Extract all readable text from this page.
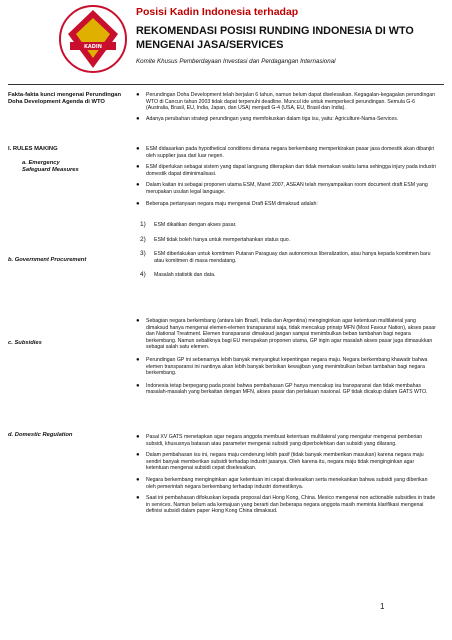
KADIN
Posisi Kadin Indonesia terhadap
REKOMENDASI POSISI RUNDING INDONESIA DI WTO MENGENAI JASA/SERVICES
Komite Khusus Pemberdayaan Investasi dan Perdagangan Internasional
Fakta-fakta kunci mengenai Perundingan Doha Development Agenda di WTO
I. RULES MAKING
a. Emergency Safeguard Measures
b. Government Procurement
c. Subsidies
d. Domestic Regulation

● Perundingan Doha Development telah berjalan 6 tahun, namun belum dapat diselesaikan. Kegagalan-kegagalan perundingan WTO di Cancun tahun 2003 tidak dapat terpenuhi deadline. Muncul ide untuk memperkecil perundingan. Semula G-6 (Australia, Brasil, EU, India, Japan, dan USA) menjadi G-4 (USA, EU, Brasil dan India).

● Adanya perubahan strategi perundingan yang memfokuskan dalam tiga isu, yaitu: Agriculture-Nama-Services.

● ESM didasarkan pada hypothetical conditions dimana negara berkembang memperkirakan pasar jasa domestik akan dibanjiri oleh supplier jasa dari luar negeri.

● ESM diperlukan sebagai sistem yang dapat langsung diterapkan dan tidak memakan waktu lama sehingga injury pada industri domestik dapat diminimalisasi.

● Dalam kaitan ini sebagai proponen utama ESM, Maret 2007, ASEAN telah menyampaikan room document draft ESM yang merupakan usulan legal language.

● Beberapa pertanyaan negara maju mengenai Draft ESM dimaksud adalah:

1) ESM dikaitkan dengan akses pasar.

2) ESM tidak boleh hanya untuk mempertahankan status quo.

3) ESM diberlakukan untuk komitmen Putaran Paraguay dan autonomous liberalization, atau hanya kepada komitmen baru atau komitmen di masa mendatang.

4) Masalah statistik dan data.

● Sebagian negara berkembang (antara lain Brazil, India dan Argentina) menginginkan agar ketentuan multilateral yang dimaksud hanya mengenai elemen-elemen transparansi saja, tidak mencakup prinsip MFN (Most Favour Nation), akses pasar dan National Treatment. Elemen transparansi dimaksud jangan sampai menimbulkan beban tambahan bagi negara berkembang. Namun sebaliknya bagi EU merupakan proponen utama, GP ingin agar masalah akses pasar juga dimasukkan sebagai salah satu elemen.

● Perundingan GP ini sebenarnya lebih banyak menyangkut kepentingan negara maju. Negara berkembang khawatir bahwa elemen transparansi ini nantinya akan lebih banyak berisikan kewajiban yang menimbulkan beban tambahan bagi negara berkembang.

● Indonesia tetap berpegang pada posisi bahwa pembahasan GP hanya mencakup isu transparansi dan tidak membahas masalah-masalah yang berkaitan dengan MFN, akses pasar dan perlakuan nasional. GP tidak dicakup dalam GATS WTO.

● Pasal XV GATS menetapkan agar negara anggota membuat ketentuan multilateral yang mengatur mengenai pemberian subsidi, khususnya batasan atau parameter mengenai subsidi yang diperbolehkan dan subsidi yang dilarang.

● Dalam pembahasan isu ini, negara maju cenderung lebih pasif (tidak banyak memberikan masukan) karena negara maju sendiri banyak memberikan subsidi terhadap industri jasanya. Oleh karena itu, negara maju tidak menginginkan agar ketentuan mengenai subsidi cepat diselesaikan.

● Negara berkembang menginginkan agar ketentuan ini cepat diselesaikan serta menekankan bahwa subsidi yang diberikan oleh pemerintah negara berkembang terhadap industri domestiknya.

● Saat ini pembahasan difokuskan kepada proposal dari Hong Kong, China. Mexico mengenai non actionable subsidies in trade in services. Namun belum ada kemajuan yang berarti dan beberapa negara anggota masih meminta klarifikasi mengenai definisi subsidi dalam paper Hong Kong China dimaksud.

1
